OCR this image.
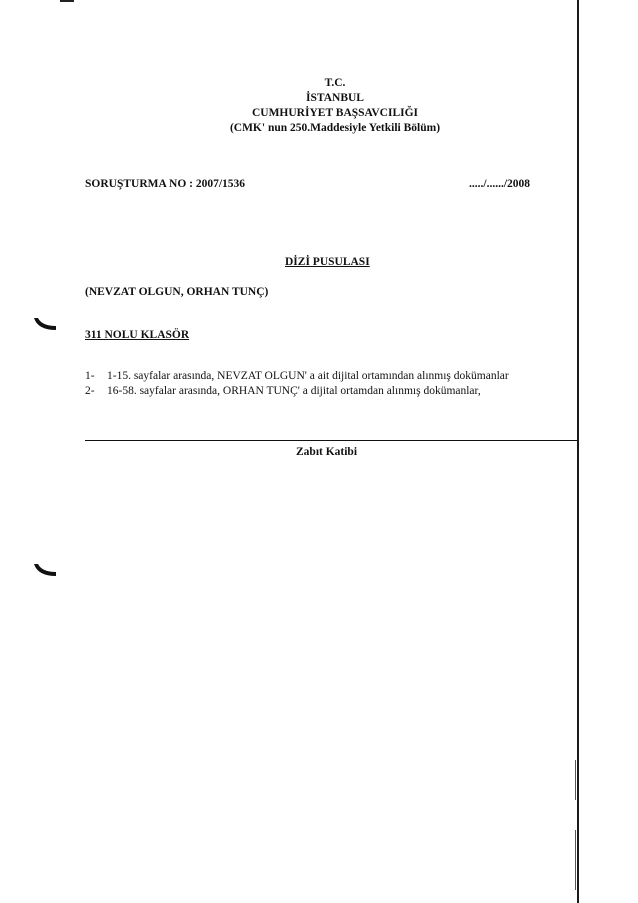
T.C.
İSTANBUL
CUMHURİYET BAŞSAVCILIĞI
(CMK' nun 250.Maddesiyle Yetkili Bölüm)
SORUŞTURMA NO : 2007/1536	...../....../2008
DİZİ PUSULASI
(NEVZAT OLGUN, ORHAN TUNÇ)
311 NOLU KLASÖR
1-	1-15. sayfalar arasında, NEVZAT OLGUN' a ait dijital ortamından alınmış dokümanlar
2-	16-58. sayfalar arasında, ORHAN TUNÇ' a dijital ortamdan alınmış dokümanlar,
Zabıt Katibi
